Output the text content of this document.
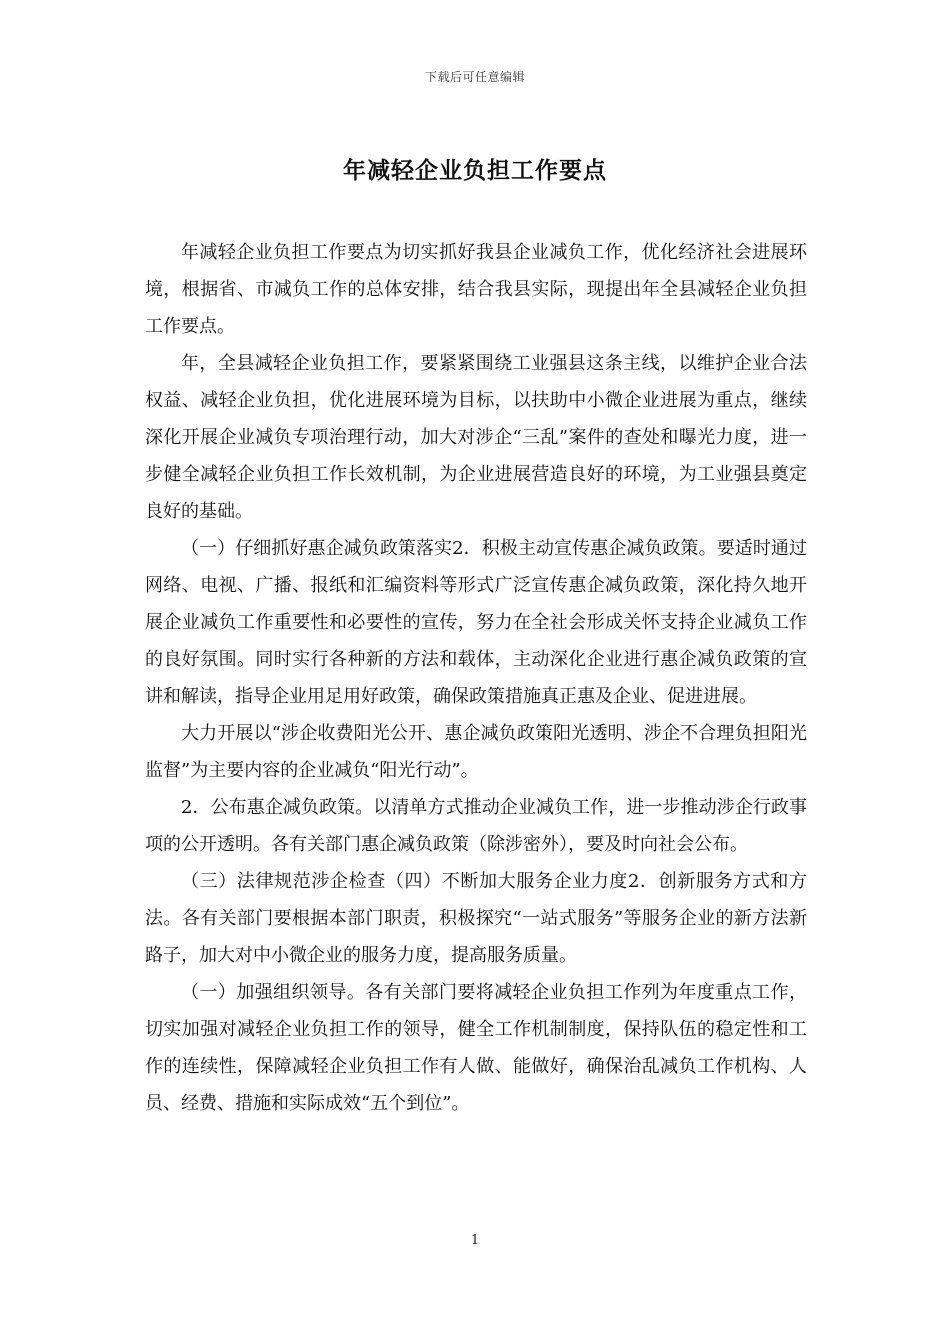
下载后可任意编辑
年减轻企业负担工作要点

年减轻企业负担工作要点为切实抓好我县企业减负工作，优化经济社会进展环境，根据省、市减负工作的总体安排，结合我县实际，现提出年全县减轻企业负担工作要点。

年，全县减轻企业负担工作，要紧紧围绕工业强县这条主线，以维护企业合法权益、减轻企业负担，优化进展环境为目标，以扶助中小微企业进展为重点，继续深化开展企业减负专项治理行动，加大对涉企“三乱”案件的查处和曝光力度，进一步健全减轻企业负担工作长效机制，为企业进展营造良好的环境，为工业强县奠定良好的基础。

（一）仔细抓好惠企减负政策落实2．积极主动宣传惠企减负政策。要适时通过网络、电视、广播、报纸和汇编资料等形式广泛宣传惠企减负政策，深化持久地开展企业减负工作重要性和必要性的宣传，努力在全社会形成关怀支持企业减负工作的良好氛围。同时实行各种新的方法和载体，主动深化企业进行惠企减负政策的宣讲和解读，指导企业用足用好政策，确保政策措施真正惠及企业、促进进展。

大力开展以“涉企收费阳光公开、惠企减负政策阳光透明、涉企不合理负担阳光监督”为主要内容的企业减负“阳光行动”。

2．公布惠企减负政策。以清单方式推动企业减负工作，进一步推动涉企行政事项的公开透明。各有关部门惠企减负政策（除涉密外），要及时向社会公布。

（三）法律规范涉企检查（四）不断加大服务企业力度2．创新服务方式和方法。各有关部门要根据本部门职责，积极探究“一站式服务”等服务企业的新方法新路子，加大对中小微企业的服务力度，提高服务质量。

（一）加强组织领导。各有关部门要将减轻企业负担工作列为年度重点工作，切实加强对减轻企业负担工作的领导，健全工作机制制度，保持队伍的稳定性和工作的连续性，保障减轻企业负担工作有人做、能做好，确保治乱减负工作机构、人员、经费、措施和实际成效“五个到位”。

1
